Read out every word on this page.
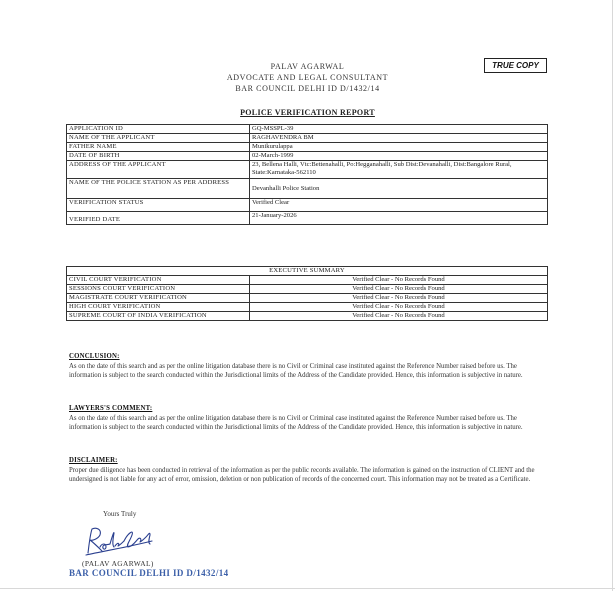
PALAV AGARWAL
ADVOCATE AND LEGAL CONSULTANT
BAR COUNCIL DELHI ID D/1432/14
TRUE COPY
POLICE VERIFICATION REPORT
APPLICATION ID	GQ-MSSPL-39
NAME OF THE APPLICANT	RAGHAVENDRA BM
FATHER NAME	Munikurulappa
DATE OF BIRTH	02-March-1999
ADDRESS OF THE APPLICANT	23, Bellena Halli, Vtc:Bettenahalli, Po:Hegganahalli, Sub Dist:Devanahalli, Dist:Bangalore Rural, State:Karnataka-562110
NAME OF THE POLICE STATION AS PER ADDRESS	Devanhalli Police Station
VERIFICATION STATUS	Verified Clear
VERIFIED DATE	21-January-2026
EXECUTIVE SUMMARY	
CIVIL COURT VERIFICATION	Verified Clear - No Records Found
SESSIONS COURT VERIFICATION	Verified Clear - No Records Found
MAGISTRATE COURT VERIFICATION	Verified Clear - No Records Found
HIGH COURT VERIFICATION	Verified Clear - No Records Found
SUPREME COURT OF INDIA VERIFICATION	Verified Clear - No Records Found
CONCLUSION:
As on the date of this search and as per the online litigation database there is no Civil or Criminal case instituted against the Reference Number raised before us. The information is subject to the search conducted within the Jurisdictional limits of the Address of the Candidate provided. Hence, this information is subjective in nature.
LAWYERS'S COMMENT:
As on the date of this search and as per the online litigation database there is no Civil or Criminal case instituted against the Reference Number raised before us. The information is subject to the search conducted within the Jurisdictional limits of the Address of the Candidate provided. Hence, this information is subjective in nature.
DISCLAIMER:
Proper due diligence has been conducted in retrieval of the information as per the public records available. The information is gained on the instruction of CLIENT and the undersigned is not liable for any act of error, omission, deletion or non publication of records of the concerned court. This information may not be treated as a Certificate.
Yours Truly
(PALAV AGARWAL)
BAR COUNCIL DELHI ID D/1432/14
